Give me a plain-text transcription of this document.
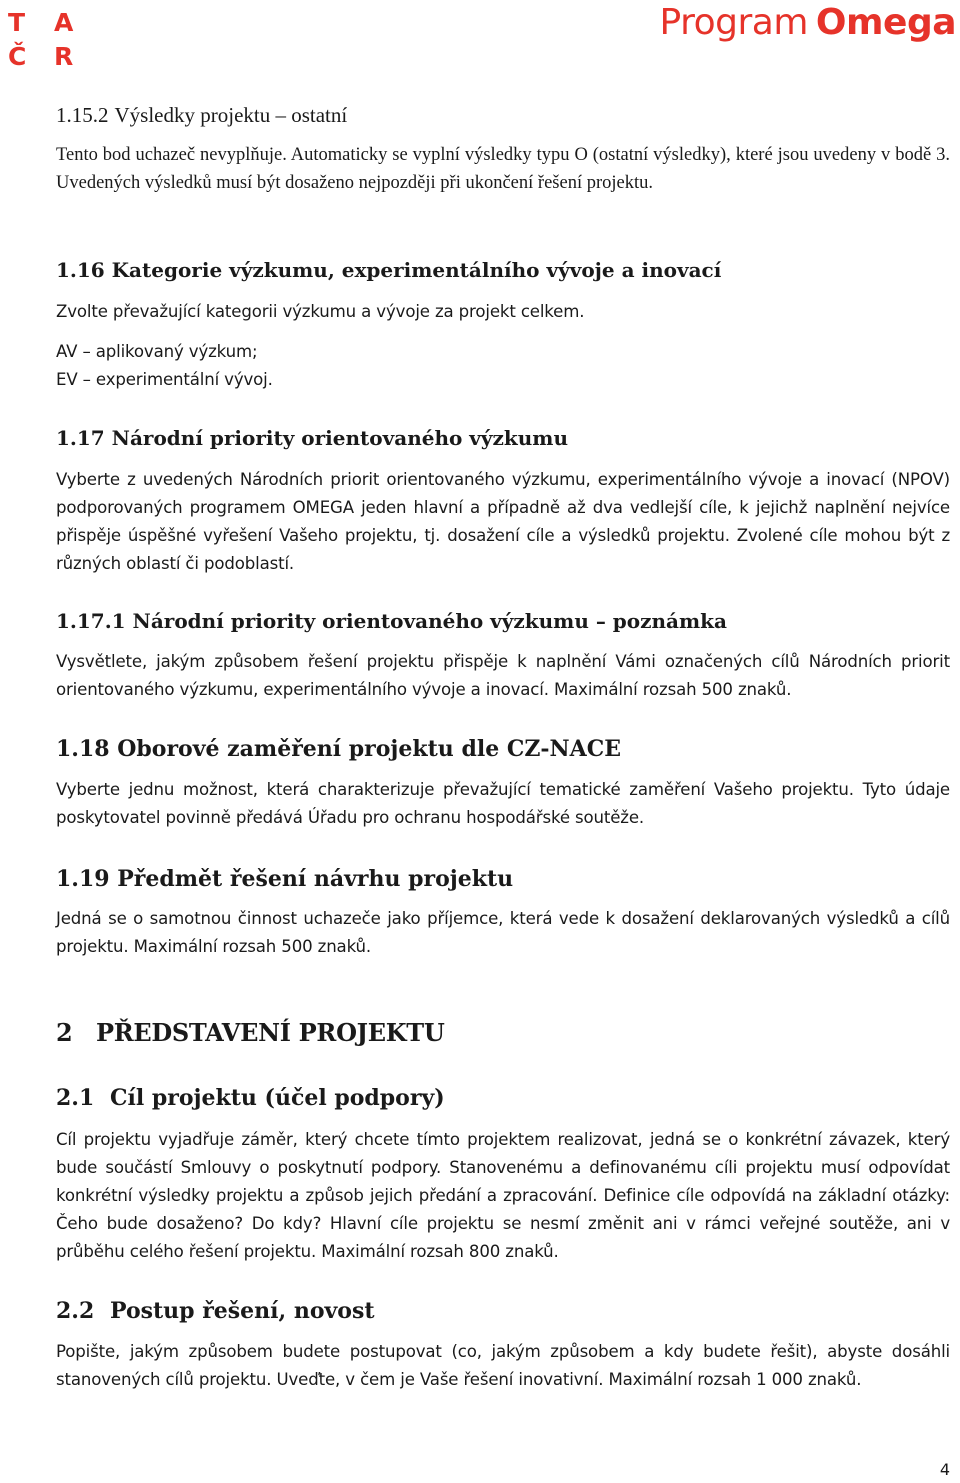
T	A
Č	R
Program Omega
1.15.2 Výsledky projektu – ostatní

Tento bod uchazeč nevyplňuje. Automaticky se vyplní výsledky typu O (ostatní výsledky), které jsou uvedeny v bodě 3. Uvedených výsledků musí být dosaženo nejpozději při ukončení řešení projektu.

1.16 Kategorie výzkumu, experimentálního vývoje a inovací

Zvolte převažující kategorii výzkumu a vývoje za projekt celkem.

AV – aplikovaný výzkum;

EV – experimentální vývoj.

1.17 Národní priority orientovaného výzkumu

Vyberte z uvedených Národních priorit orientovaného výzkumu, experimentálního vývoje a inovací (NPOV) podporovaných programem OMEGA jeden hlavní a případně až dva vedlejší cíle, k jejichž naplnění nejvíce přispěje úspěšné vyřešení Vašeho projektu, tj. dosažení cíle a výsledků projektu. Zvolené cíle mohou být z různých oblastí či podoblastí.

1.17.1 Národní priority orientovaného výzkumu – poznámka

Vysvětlete, jakým způsobem řešení projektu přispěje k naplnění Vámi označených cílů Národních priorit orientovaného výzkumu, experimentálního vývoje a inovací. Maximální rozsah 500 znaků.

1.18 Oborové zaměření projektu dle CZ-NACE

Vyberte jednu možnost, která charakterizuje převažující tematické zaměření Vašeho projektu. Tyto údaje poskytovatel povinně předává Úřadu pro ochranu hospodářské soutěže.

1.19 Předmět řešení návrhu projektu

Jedná se o samotnou činnost uchazeče jako příjemce, která vede k dosažení deklarovaných výsledků a cílů projektu. Maximální rozsah 500 znaků.

2 PŘEDSTAVENÍ PROJEKTU
2.1 Cíl projektu (účel podpory)

Cíl projektu vyjadřuje záměr, který chcete tímto projektem realizovat, jedná se o konkrétní závazek, který bude součástí Smlouvy o poskytnutí podpory. Stanovenému a definovanému cíli projektu musí odpovídat konkrétní výsledky projektu a způsob jejich předání a zpracování. Definice cíle odpovídá na základní otázky: Čeho bude dosaženo? Do kdy? Hlavní cíle projektu se nesmí změnit ani v rámci veřejné soutěže, ani v průběhu celého řešení projektu. Maximální rozsah 800 znaků.

2.2 Postup řešení, novost

Popište, jakým způsobem budete postupovat (co, jakým způsobem a kdy budete řešit), abyste dosáhli stanovených cílů projektu. Uveďte, v čem je Vaše řešení inovativní. Maximální rozsah 1 000 znaků.

4
